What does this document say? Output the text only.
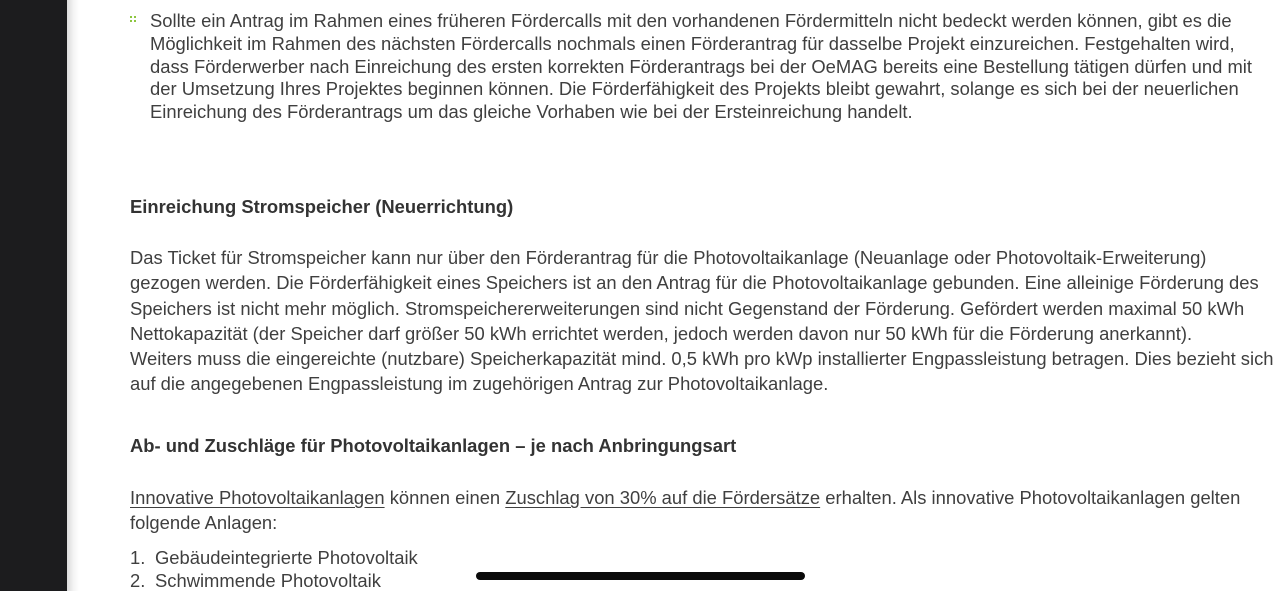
Sollte ein Antrag im Rahmen eines früheren Fördercalls mit den vorhandenen Fördermitteln nicht bedeckt werden können, gibt es die
Möglichkeit im Rahmen des nächsten Fördercalls nochmals einen Förderantrag für dasselbe Projekt einzureichen. Festgehalten wird,
dass Förderwerber nach Einreichung des ersten korrekten Förderantrags bei der OeMAG bereits eine Bestellung tätigen dürfen und mit
der Umsetzung Ihres Projektes beginnen können. Die Förderfähigkeit des Projekts bleibt gewahrt, solange es sich bei der neuerlichen
Einreichung des Förderantrags um das gleiche Vorhaben wie bei der Ersteinreichung handelt.

Einreichung Stromspeicher (Neuerrichtung)

Das Ticket für Stromspeicher kann nur über den Förderantrag für die Photovoltaikanlage (Neuanlage oder Photovoltaik-Erweiterung)
gezogen werden. Die Förderfähigkeit eines Speichers ist an den Antrag für die Photovoltaikanlage gebunden. Eine alleinige Förderung des
Speichers ist nicht mehr möglich. Stromspeichererweiterungen sind nicht Gegenstand der Förderung. Gefördert werden maximal 50 kWh
Nettokapazität (der Speicher darf größer 50 kWh errichtet werden, jedoch werden davon nur 50 kWh für die Förderung anerkannt).
Weiters muss die eingereichte (nutzbare) Speicherkapazität mind. 0,5 kWh pro kWp installierter Engpassleistung betragen. Dies bezieht sich
auf die angegebenen Engpassleistung im zugehörigen Antrag zur Photovoltaikanlage.

Ab- und Zuschläge für Photovoltaikanlagen – je nach Anbringungsart

Innovative Photovoltaikanlagen können einen Zuschlag von 30% auf die Fördersätze erhalten. Als innovative Photovoltaikanlagen gelten
folgende Anlagen:

1. Gebäudeintegrierte Photovoltaik
2. Schwimmende Photovoltaik
